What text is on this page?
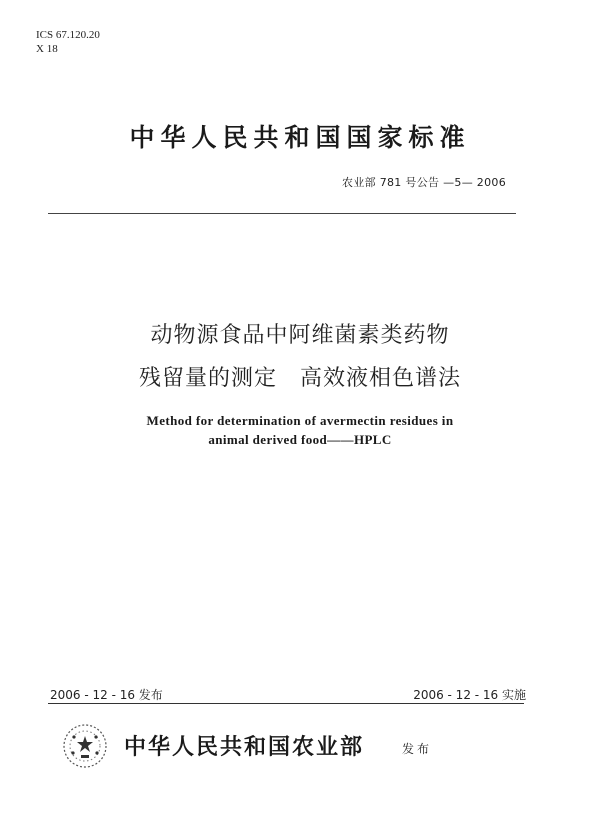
ICS 67.120.20
X 18
中华人民共和国国家标准
农业部 781 号公告 —5— 2006
动物源食品中阿维菌素类药物
残留量的测定　高效液相色谱法
Method for determination of avermectin residues in
animal derived food——HPLC
2006 - 12 - 16 发布	2006 - 12 - 16 实施
中华人民共和国农业部	发布
